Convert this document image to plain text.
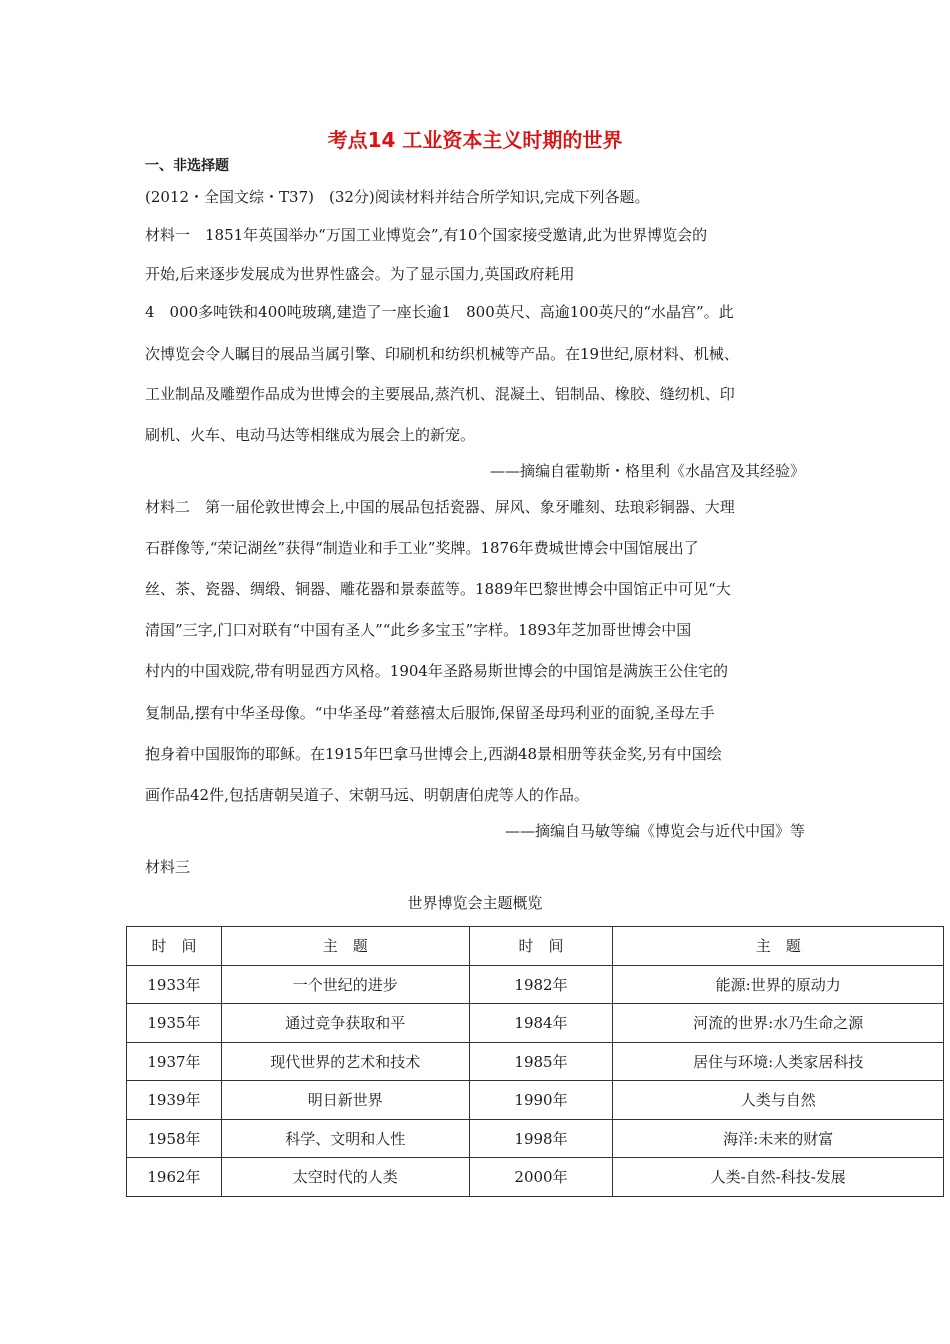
考点14 工业资本主义时期的世界
一、非选择题
(2012・全国文综・T37)　(32分)阅读材料并结合所学知识,完成下列各题。
材料一　1851年英国举办“万国工业博览会”,有10个国家接受邀请,此为世界博览会的
开始,后来逐步发展成为世界性盛会。为了显示国力,英国政府耗用
4　000多吨铁和400吨玻璃,建造了一座长逾1　800英尺、高逾100英尺的“水晶宫”。此
次博览会令人瞩目的展品当属引擎、印刷机和纺织机械等产品。在19世纪,原材料、机械、
工业制品及雕塑作品成为世博会的主要展品,蒸汽机、混凝土、铝制品、橡胶、缝纫机、印
刷机、火车、电动马达等相继成为展会上的新宠。
——摘编自霍勒斯・格里利《水晶宫及其经验》
材料二　第一届伦敦世博会上,中国的展品包括瓷器、屏风、象牙雕刻、珐琅彩铜器、大理
石群像等,“荣记湖丝”获得“制造业和手工业”奖牌。1876年费城世博会中国馆展出了
丝、茶、瓷器、绸缎、铜器、雕花器和景泰蓝等。1889年巴黎世博会中国馆正中可见“大
清国”三字,门口对联有“中国有圣人”“此乡多宝玉”字样。1893年芝加哥世博会中国
村内的中国戏院,带有明显西方风格。1904年圣路易斯世博会的中国馆是满族王公住宅的
复制品,摆有中华圣母像。“中华圣母”着慈禧太后服饰,保留圣母玛利亚的面貌,圣母左手
抱身着中国服饰的耶稣。在1915年巴拿马世博会上,西湖48景相册等获金奖,另有中国绘
画作品42件,包括唐朝吴道子、宋朝马远、明朝唐伯虎等人的作品。
——摘编自马敏等编《博览会与近代中国》等
材料三
世界博览会主题概览
时　间	主　题	时　间	主　题
1933年	一个世纪的进步	1982年	能源:世界的原动力
1935年	通过竞争获取和平	1984年	河流的世界:水乃生命之源
1937年	现代世界的艺术和技术	1985年	居住与环境:人类家居科技
1939年	明日新世界	1990年	人类与自然
1958年	科学、文明和人性	1998年	海洋:未来的财富
1962年	太空时代的人类	2000年	人类-自然-科技-发展
